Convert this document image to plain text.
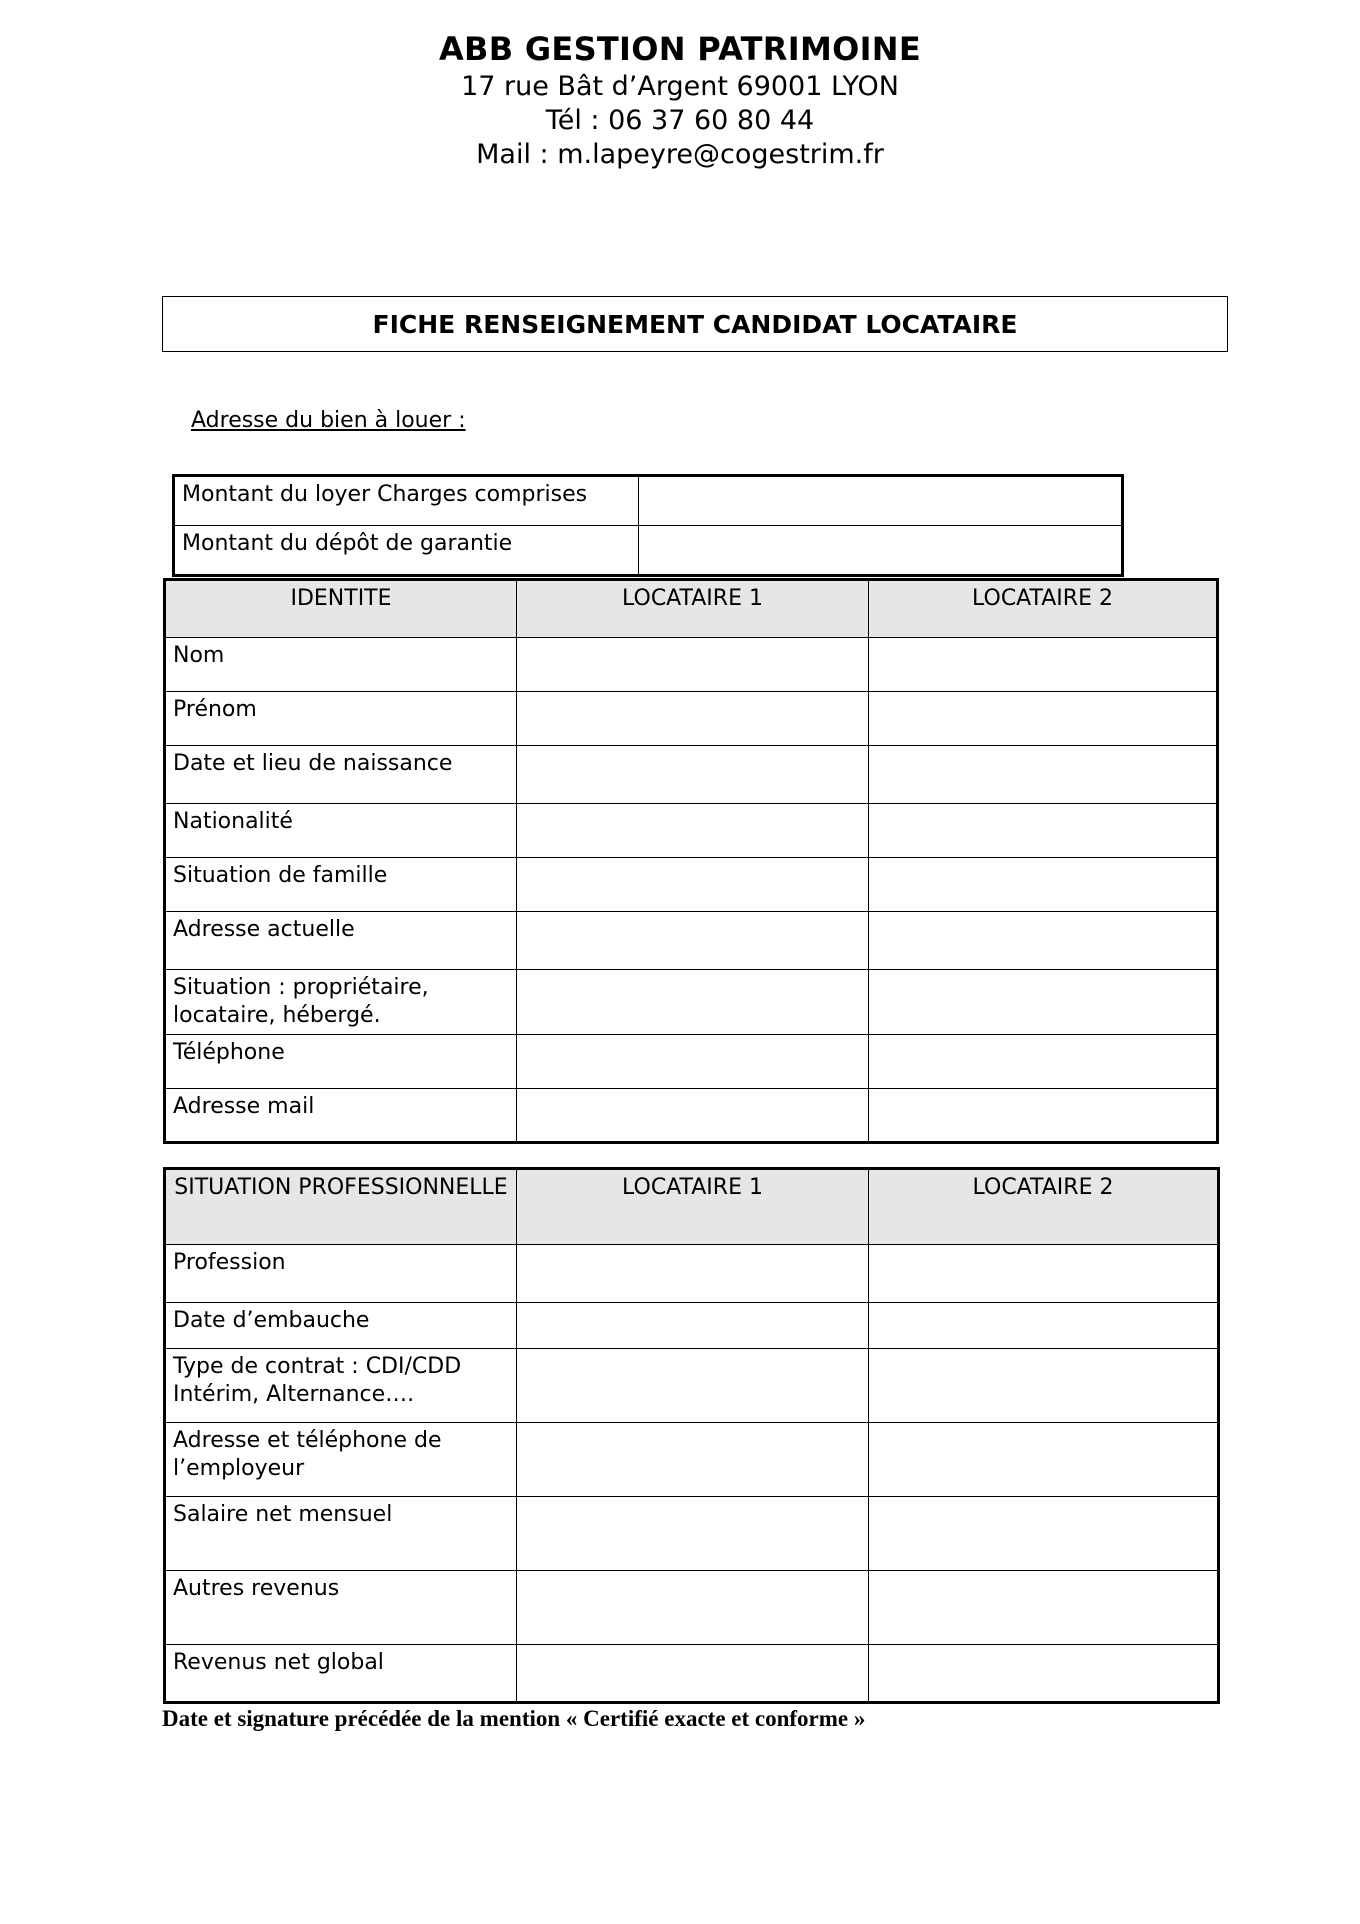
ABB GESTION PATRIMOINE
17 rue Bât d’Argent 69001 LYON
Tél : 06 37 60 80 44
Mail : m.lapeyre@cogestrim.fr
FICHE RENSEIGNEMENT CANDIDAT LOCATAIRE
Adresse du bien à louer :
Montant du loyer Charges comprises	
Montant du dépôt de garantie	
IDENTITE	LOCATAIRE 1	LOCATAIRE 2
Nom		
Prénom		
Date et lieu de naissance		
Nationalité		
Situation de famille		
Adresse actuelle		
Situation : propriétaire, locataire, hébergé.		
Téléphone		
Adresse mail		
SITUATION PROFESSIONNELLE	LOCATAIRE 1	LOCATAIRE 2
Profession		
Date d’embauche		
Type de contrat : CDI/CDD Intérim, Alternance….		
Adresse et téléphone de l’employeur		
Salaire net mensuel		
Autres revenus		
Revenus net global		
Date et signature précédée de la mention « Certifié exacte et conforme »
